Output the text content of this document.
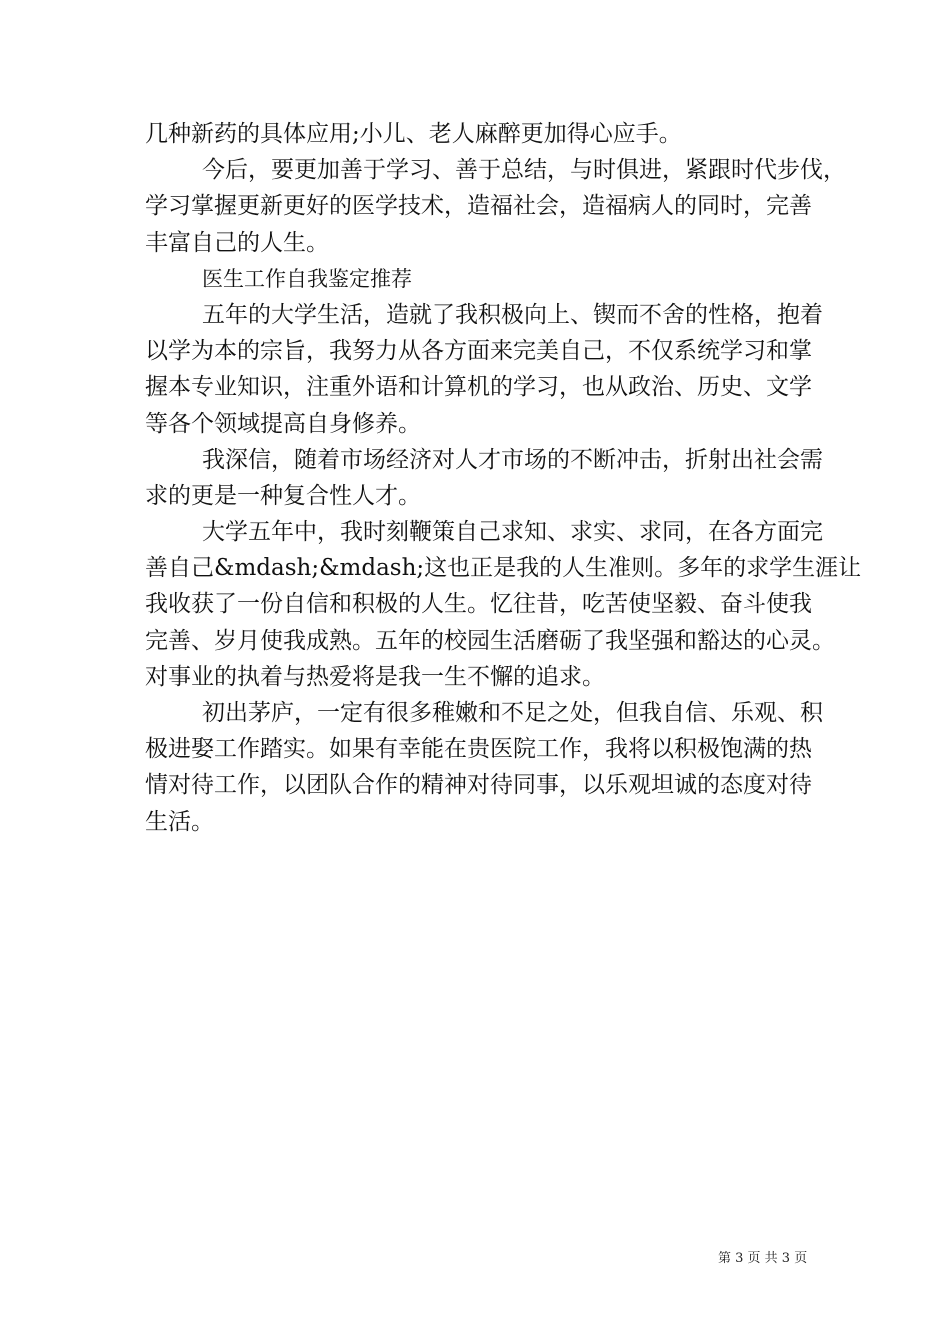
几种新药的具体应用;小儿、老人麻醉更加得心应手。
今后，要更加善于学习、善于总结，与时俱进，紧跟时代步伐，
学习掌握更新更好的医学技术，造福社会，造福病人的同时，完善
丰富自己的人生。
医生工作自我鉴定推荐
五年的大学生活，造就了我积极向上、锲而不舍的性格，抱着
以学为本的宗旨，我努力从各方面来完美自己，不仅系统学习和掌
握本专业知识，注重外语和计算机的学习，也从政治、历史、文学
等各个领域提高自身修养。
我深信，随着市场经济对人才市场的不断冲击，折射出社会需
求的更是一种复合性人才。
大学五年中，我时刻鞭策自己求知、求实、求同，在各方面完
善自己&mdash;&mdash;这也正是我的人生准则。多年的求学生涯让
我收获了一份自信和积极的人生。忆往昔，吃苦使坚毅、奋斗使我
完善、岁月使我成熟。五年的校园生活磨砺了我坚强和豁达的心灵。
对事业的执着与热爱将是我一生不懈的追求。
初出茅庐，一定有很多稚嫩和不足之处，但我自信、乐观、积
极进娶工作踏实。如果有幸能在贵医院工作，我将以积极饱满的热
情对待工作，以团队合作的精神对待同事，以乐观坦诚的态度对待
生活。
第 3 页 共 3 页
